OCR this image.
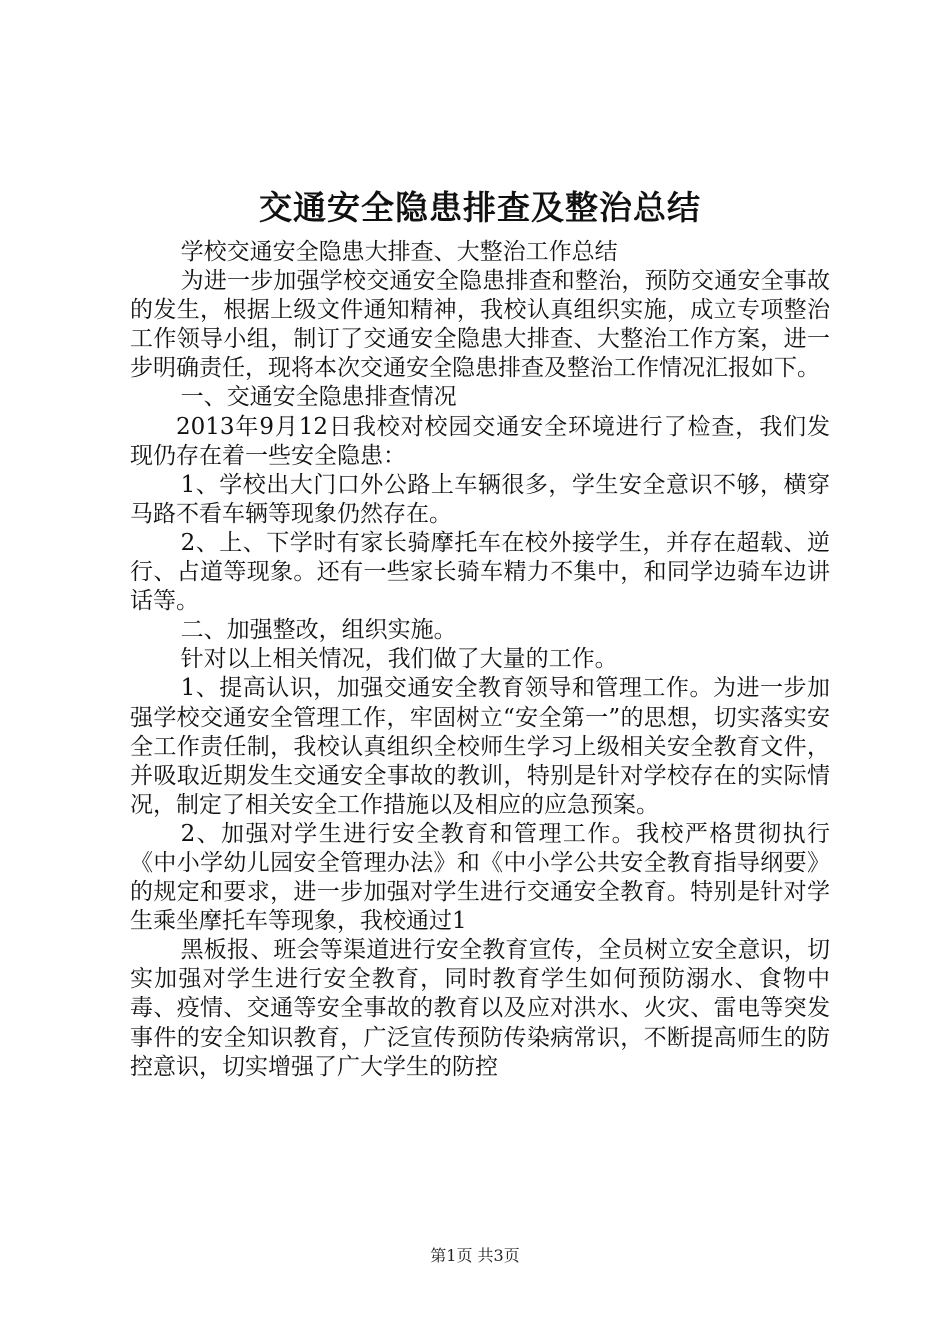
交通安全隐患排查及整治总结

学校交通安全隐患大排查、大整治工作总结

为进一步加强学校交通安全隐患排查和整治，预防交通安全事故的发生，根据上级文件通知精神，我校认真组织实施，成立专项整治工作领导小组，制订了交通安全隐患大排查、大整治工作方案，进一步明确责任，现将本次交通安全隐患排查及整治工作情况汇报如下。

一、交通安全隐患排查情况

2013年9月12日我校对校园交通安全环境进行了检查，我们发现仍存在着一些安全隐患：

1、学校出大门口外公路上车辆很多，学生安全意识不够，横穿马路不看车辆等现象仍然存在。

2、上、下学时有家长骑摩托车在校外接学生，并存在超载、逆行、占道等现象。还有一些家长骑车精力不集中，和同学边骑车边讲话等。

二、加强整改，组织实施。

针对以上相关情况，我们做了大量的工作。

1、提高认识，加强交通安全教育领导和管理工作。为进一步加强学校交通安全管理工作，牢固树立“安全第一”的思想，切实落实安全工作责任制，我校认真组织全校师生学习上级相关安全教育文件，并吸取近期发生交通安全事故的教训，特别是针对学校存在的实际情况，制定了相关安全工作措施以及相应的应急预案。

2、加强对学生进行安全教育和管理工作。我校严格贯彻执行《中小学幼儿园安全管理办法》和《中小学公共安全教育指导纲要》的规定和要求，进一步加强对学生进行交通安全教育。特别是针对学生乘坐摩托车等现象，我校通过1

黑板报、班会等渠道进行安全教育宣传，全员树立安全意识，切实加强对学生进行安全教育，同时教育学生如何预防溺水、食物中毒、疫情、交通等安全事故的教育以及应对洪水、火灾、雷电等突发事件的安全知识教育，广泛宣传预防传染病常识，不断提高师生的防控意识，切实增强了广大学生的防控

第1页 共3页
